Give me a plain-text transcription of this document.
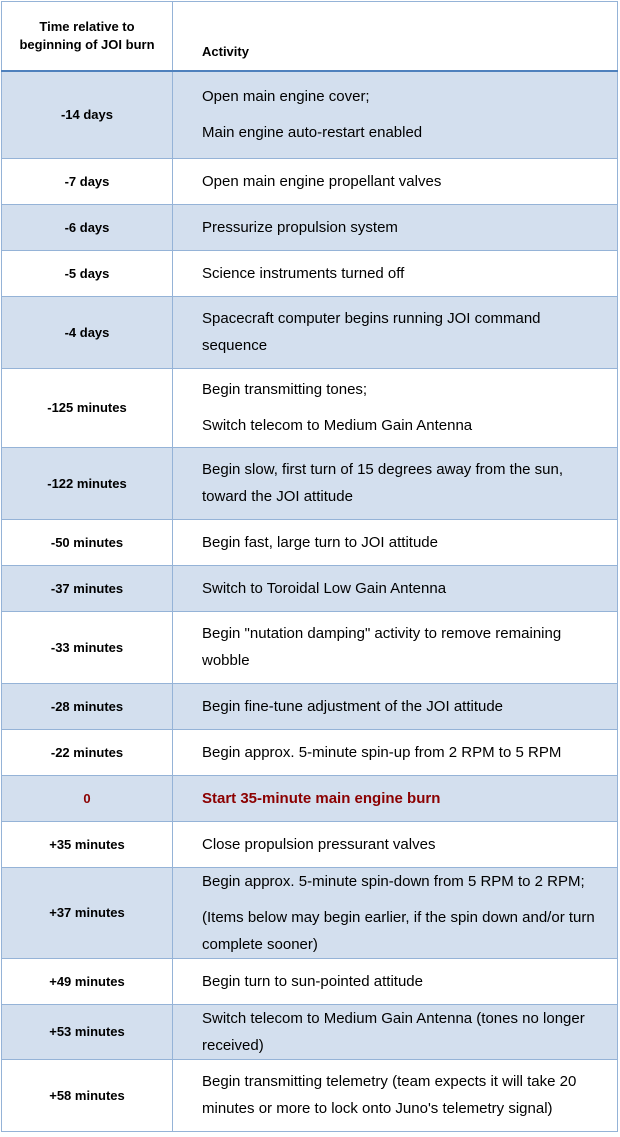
Time relative to
beginning of JOI burn	Activity
-14 days	Open main engine cover;
Main engine auto-restart enabled

-7 days	Open main engine propellant valves

-6 days	Pressurize propulsion system

-5 days	Science instruments turned off

-4 days	Spacecraft computer begins running JOI command sequence

-125 minutes	Begin transmitting tones;
Switch telecom to Medium Gain Antenna

-122 minutes	Begin slow, first turn of 15 degrees away from the sun, toward the JOI attitude

-50 minutes	Begin fast, large turn to JOI attitude

-37 minutes	Switch to Toroidal Low Gain Antenna

-33 minutes	Begin "nutation damping" activity to remove remaining wobble

-28 minutes	Begin fine-tune adjustment of the JOI attitude

-22 minutes	Begin approx. 5-minute spin-up from 2 RPM to 5 RPM

0	Start 35-minute main engine burn

+35 minutes	Close propulsion pressurant valves

+37 minutes	Begin approx. 5-minute spin-down from 5 RPM to 2 RPM;
(Items below may begin earlier, if the spin down and/or turn complete sooner)

+49 minutes	Begin turn to sun-pointed attitude

+53 minutes	Switch telecom to Medium Gain Antenna (tones no longer received)

+58 minutes	Begin transmitting telemetry (team expects it will take 20 minutes or more to lock onto Juno's telemetry signal)
